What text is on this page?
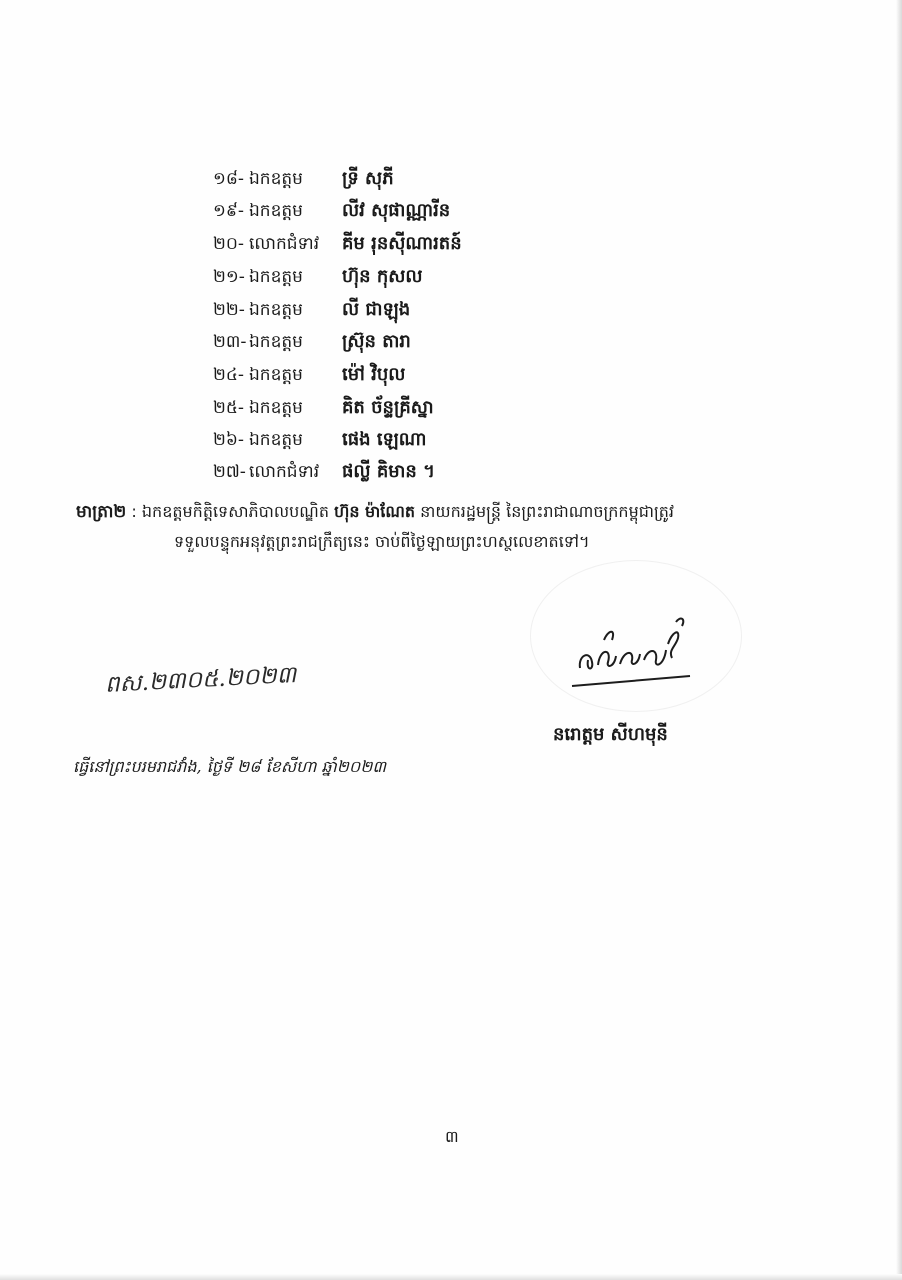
១៨- ឯកឧត្តម ទ្រី សុភី
១៩- ឯកឧត្តម លីវ សុផាណ្ណារីន
២០- លោកជំទាវ គីម រុនស៊ីណារតន៍
២១- ឯកឧត្តម ហ៊ុន កុសល
២២- ឯកឧត្តម លី ជាឡុង
២៣- ឯកឧត្តម ស្រ៊ុន តារា
២៤- ឯកឧត្តម ម៉ៅ វិបុល
២៥- ឯកឧត្តម គិត ច័ន្ទគ្រីស្នា
២៦- ឯកឧត្តម ផេង ឡេណា
២៧- លោកជំទាវ ផល្លី គិមាន ។
មាត្រា២ : ឯកឧត្តមកិត្តិទេសាភិបាលបណ្ឌិត ហ៊ុន ម៉ាណែត នាយករដ្ឋមន្ត្រី នៃព្រះរាជាណាចក្រកម្ពុជាត្រូវ
ទទួលបន្ទុកអនុវត្តព្រះរាជក្រឹត្យនេះ ចាប់ពីថ្ងៃឡាយព្រះហស្ថលេខាតទៅ។
ពស.២៣០៥.២០២៣
នរោត្តម សីហមុនី
ធ្វើនៅព្រះបរមរាជវាំង, ថ្ងៃទី ២៨ ខែសីហា ឆ្នាំ២០២៣
៣
